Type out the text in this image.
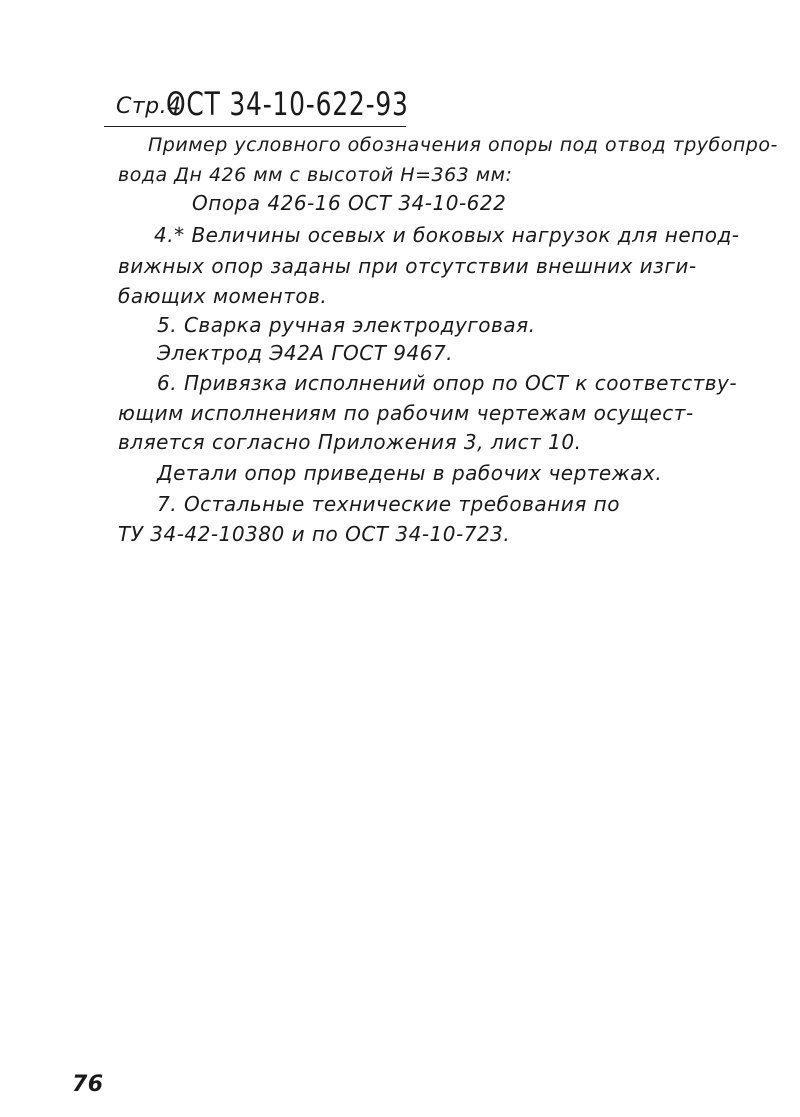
Стр.4
ОСТ 34-10-622-93
Пример условного обозначения опоры под отвод трубопро-
вода Дн 426 мм с высотой Н=363 мм:
Опора 426-16 ОСТ 34-10-622
4.* Величины осевых и боковых нагрузок для непод-
вижных опор заданы при отсутствии внешних изги-
бающих моментов.
5. Сварка ручная электродуговая.
Электрод Э42А ГОСТ 9467.
6. Привязка исполнений опор по ОСТ к соответству-
ющим исполнениям по рабочим чертежам осущест-
вляется согласно Приложения 3, лист 10.
Детали опор приведены в рабочих чертежах.
7. Остальные технические требования по
ТУ 34-42-10380 и по ОСТ 34-10-723.
76
